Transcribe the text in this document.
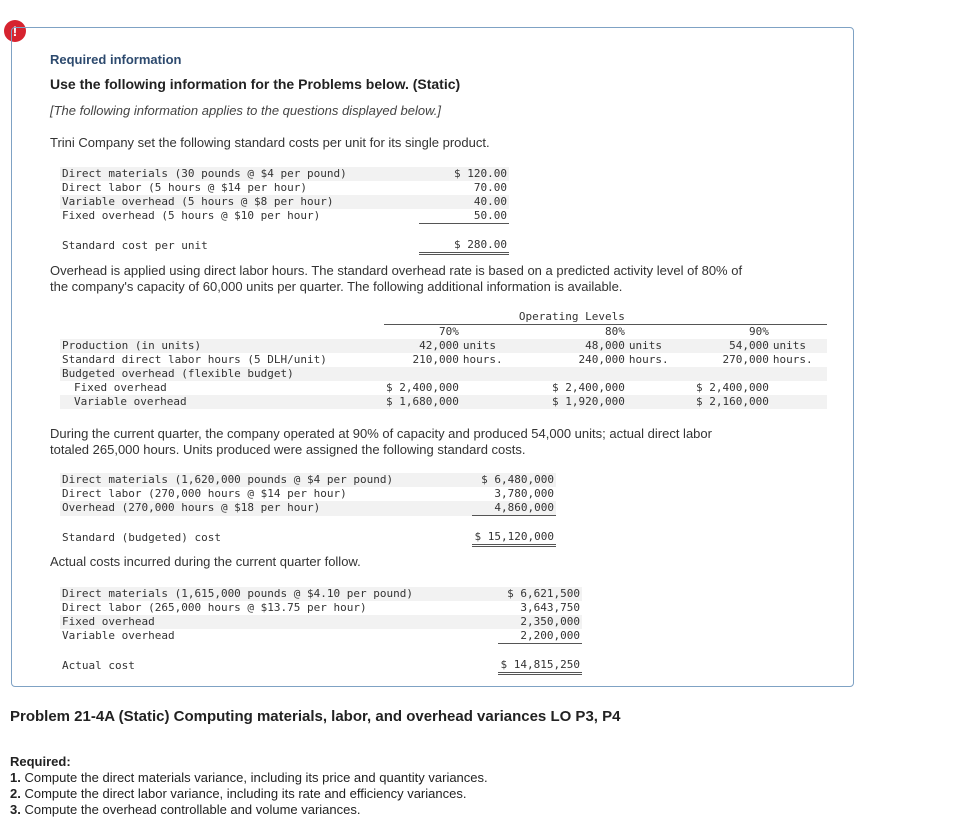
!
Required information
Use the following information for the Problems below. (Static)
[The following information applies to the questions displayed below.]
Trini Company set the following standard costs per unit for its single product.
Direct materials (30 pounds @ $4 per pound)	$ 120.00
Direct labor (5 hours @ $14 per hour)	70.00
Variable overhead (5 hours @ $8 per hour)	40.00
Fixed overhead (5 hours @ $10 per hour)	50.00

Standard cost per unit	$ 280.00
Overhead is applied using direct labor hours. The standard overhead rate is based on a predicted activity level of 80% of
the company's capacity of 60,000 units per quarter. The following additional information is available.
			Operating Levels			
	70%		80%		90%	
Production (in units)	42,000	units	48,000	units	54,000	units
Standard direct labor hours (5 DLH/unit)	210,000	hours.	240,000	hours.	270,000	hours.
Budgeted overhead (flexible budget)						
Fixed overhead	$ 2,400,000		$ 2,400,000		$ 2,400,000	
Variable overhead	$ 1,680,000		$ 1,920,000		$ 2,160,000	
During the current quarter, the company operated at 90% of capacity and produced 54,000 units; actual direct labor
totaled 265,000 hours. Units produced were assigned the following standard costs.
Direct materials (1,620,000 pounds @ $4 per pound)	$ 6,480,000
Direct labor (270,000 hours @ $14 per hour)	3,780,000
Overhead (270,000 hours @ $18 per hour)	4,860,000

Standard (budgeted) cost	$ 15,120,000
Actual costs incurred during the current quarter follow.
Direct materials (1,615,000 pounds @ $4.10 per pound)	$ 6,621,500
Direct labor (265,000 hours @ $13.75 per hour)	3,643,750
Fixed overhead	2,350,000
Variable overhead	2,200,000

Actual cost	$ 14,815,250
Problem 21-4A (Static) Computing materials, labor, and overhead variances LO P3, P4
Required:
1. Compute the direct materials variance, including its price and quantity variances.
2. Compute the direct labor variance, including its rate and efficiency variances.
3. Compute the overhead controllable and volume variances.
